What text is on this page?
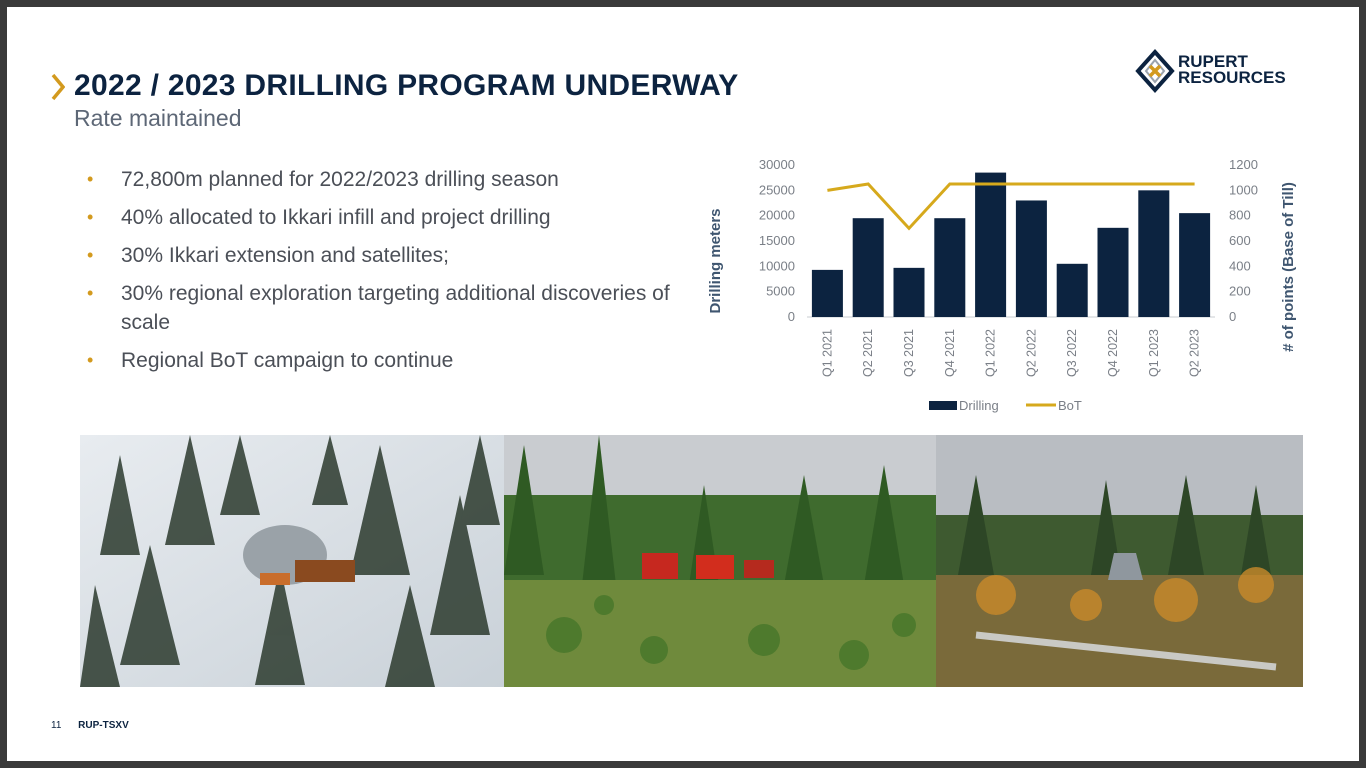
2022 / 2023 DRILLING PROGRAM UNDERWAY
Rate maintained
RUPERT
RESOURCES
• 72,800m planned for 2022/2023 drilling season
• 40% allocated to Ikkari infill and project drilling
• 30% Ikkari extension and satellites;
• 30% regional exploration targeting additional discoveries of scale
• Regional BoT campaign to continue
0
5000
10000
15000
20000
25000
30000
0
200
400
600
800
1000
1200
Q1 2021 Q2 2021 Q3 2021 Q4 2021 Q1 2022 Q2 2022 Q3 2022 Q4 2022 Q1 2023 Q2 2023
Drilling meters	# of points (Base of Till)
Drilling	BoT
11 RUP-TSXV
